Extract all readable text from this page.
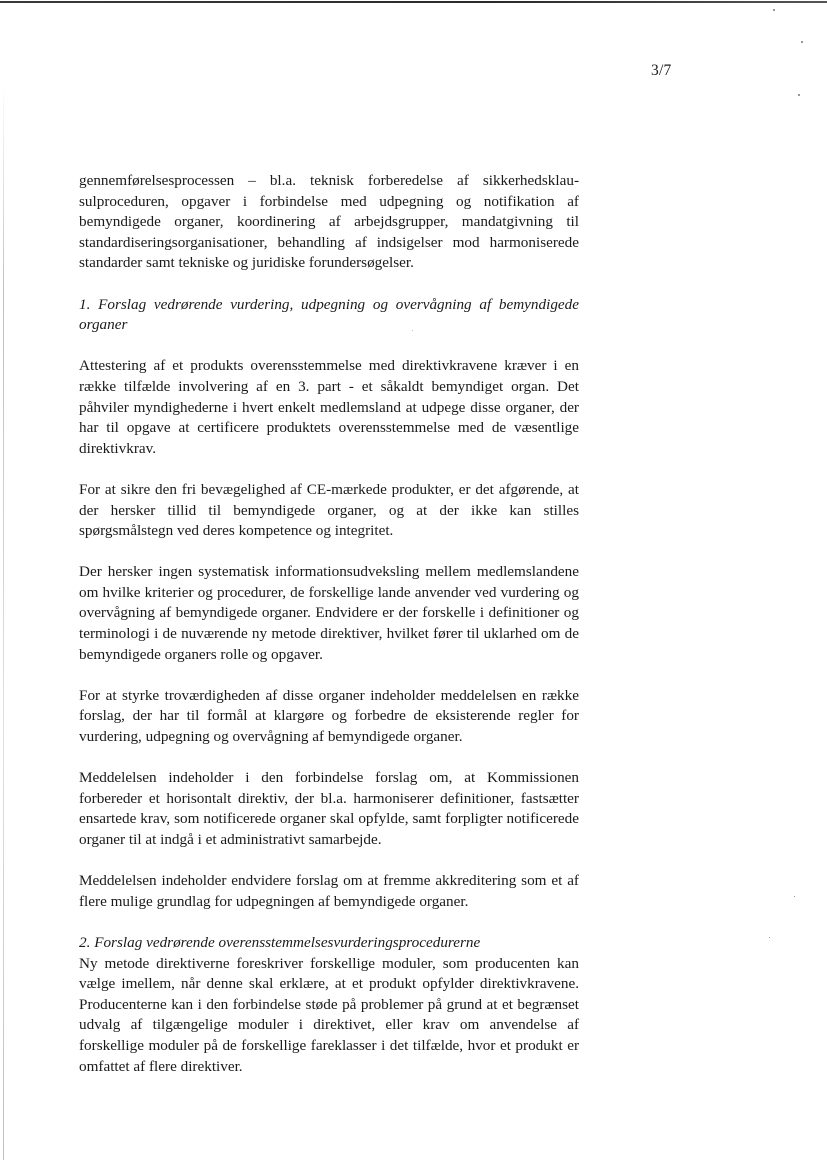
3/7

gennemførelsesprocessen – bl.a. teknisk forberedelse af sikkerhedsklausulproceduren, opgaver i forbindelse med udpegning og notifikation af bemyndigede organer, koordinering af arbejdsgrupper, mandatgivning til standardiseringsorganisationer, behandling af indsigelser mod harmoniserede standarder samt tekniske og juridiske forundersøgelser.

1. Forslag vedrørende vurdering, udpegning og overvågning af bemyndigede organer

Attestering af et produkts overensstemmelse med direktivkravene kræver i en række tilfælde involvering af en 3. part - et såkaldt bemyndiget organ. Det påhviler myndighederne i hvert enkelt medlemsland at udpege disse organer, der har til opgave at certificere produktets overensstemmelse med de væsentlige direktivkrav.

For at sikre den fri bevægelighed af CE-mærkede produkter, er det afgørende, at der hersker tillid til bemyndigede organer, og at der ikke kan stilles spørgsmålstegn ved deres kompetence og integritet.

Der hersker ingen systematisk informationsudveksling mellem medlemslandene om hvilke kriterier og procedurer, de forskellige lande anvender ved vurdering og overvågning af bemyndigede organer. Endvidere er der forskelle i definitioner og terminologi i de nuværende ny metode direktiver, hvilket fører til uklarhed om de bemyndigede organers rolle og opgaver.

For at styrke troværdigheden af disse organer indeholder meddelelsen en række forslag, der har til formål at klargøre og forbedre de eksisterende regler for vurdering, udpegning og overvågning af bemyndigede organer.

Meddelelsen indeholder i den forbindelse forslag om, at Kommissionen forbereder et horisontalt direktiv, der bl.a. harmoniserer definitioner, fastsætter ensartede krav, som notificerede organer skal opfylde, samt forpligter notificerede organer til at indgå i et administrativt samarbejde.

Meddelelsen indeholder endvidere forslag om at fremme akkreditering som et af flere mulige grundlag for udpegningen af bemyndigede organer.

2. Forslag vedrørende overensstemmelsesvurderingsprocedurerne

Ny metode direktiverne foreskriver forskellige moduler, som producenten kan vælge imellem, når denne skal erklære, at et produkt opfylder direktivkravene. Producenterne kan i den forbindelse støde på problemer på grund at et begrænset udvalg af tilgængelige moduler i direktivet, eller krav om anvendelse af forskellige moduler på de forskellige fareklasser i det tilfælde, hvor et produkt er omfattet af flere direktiver.
